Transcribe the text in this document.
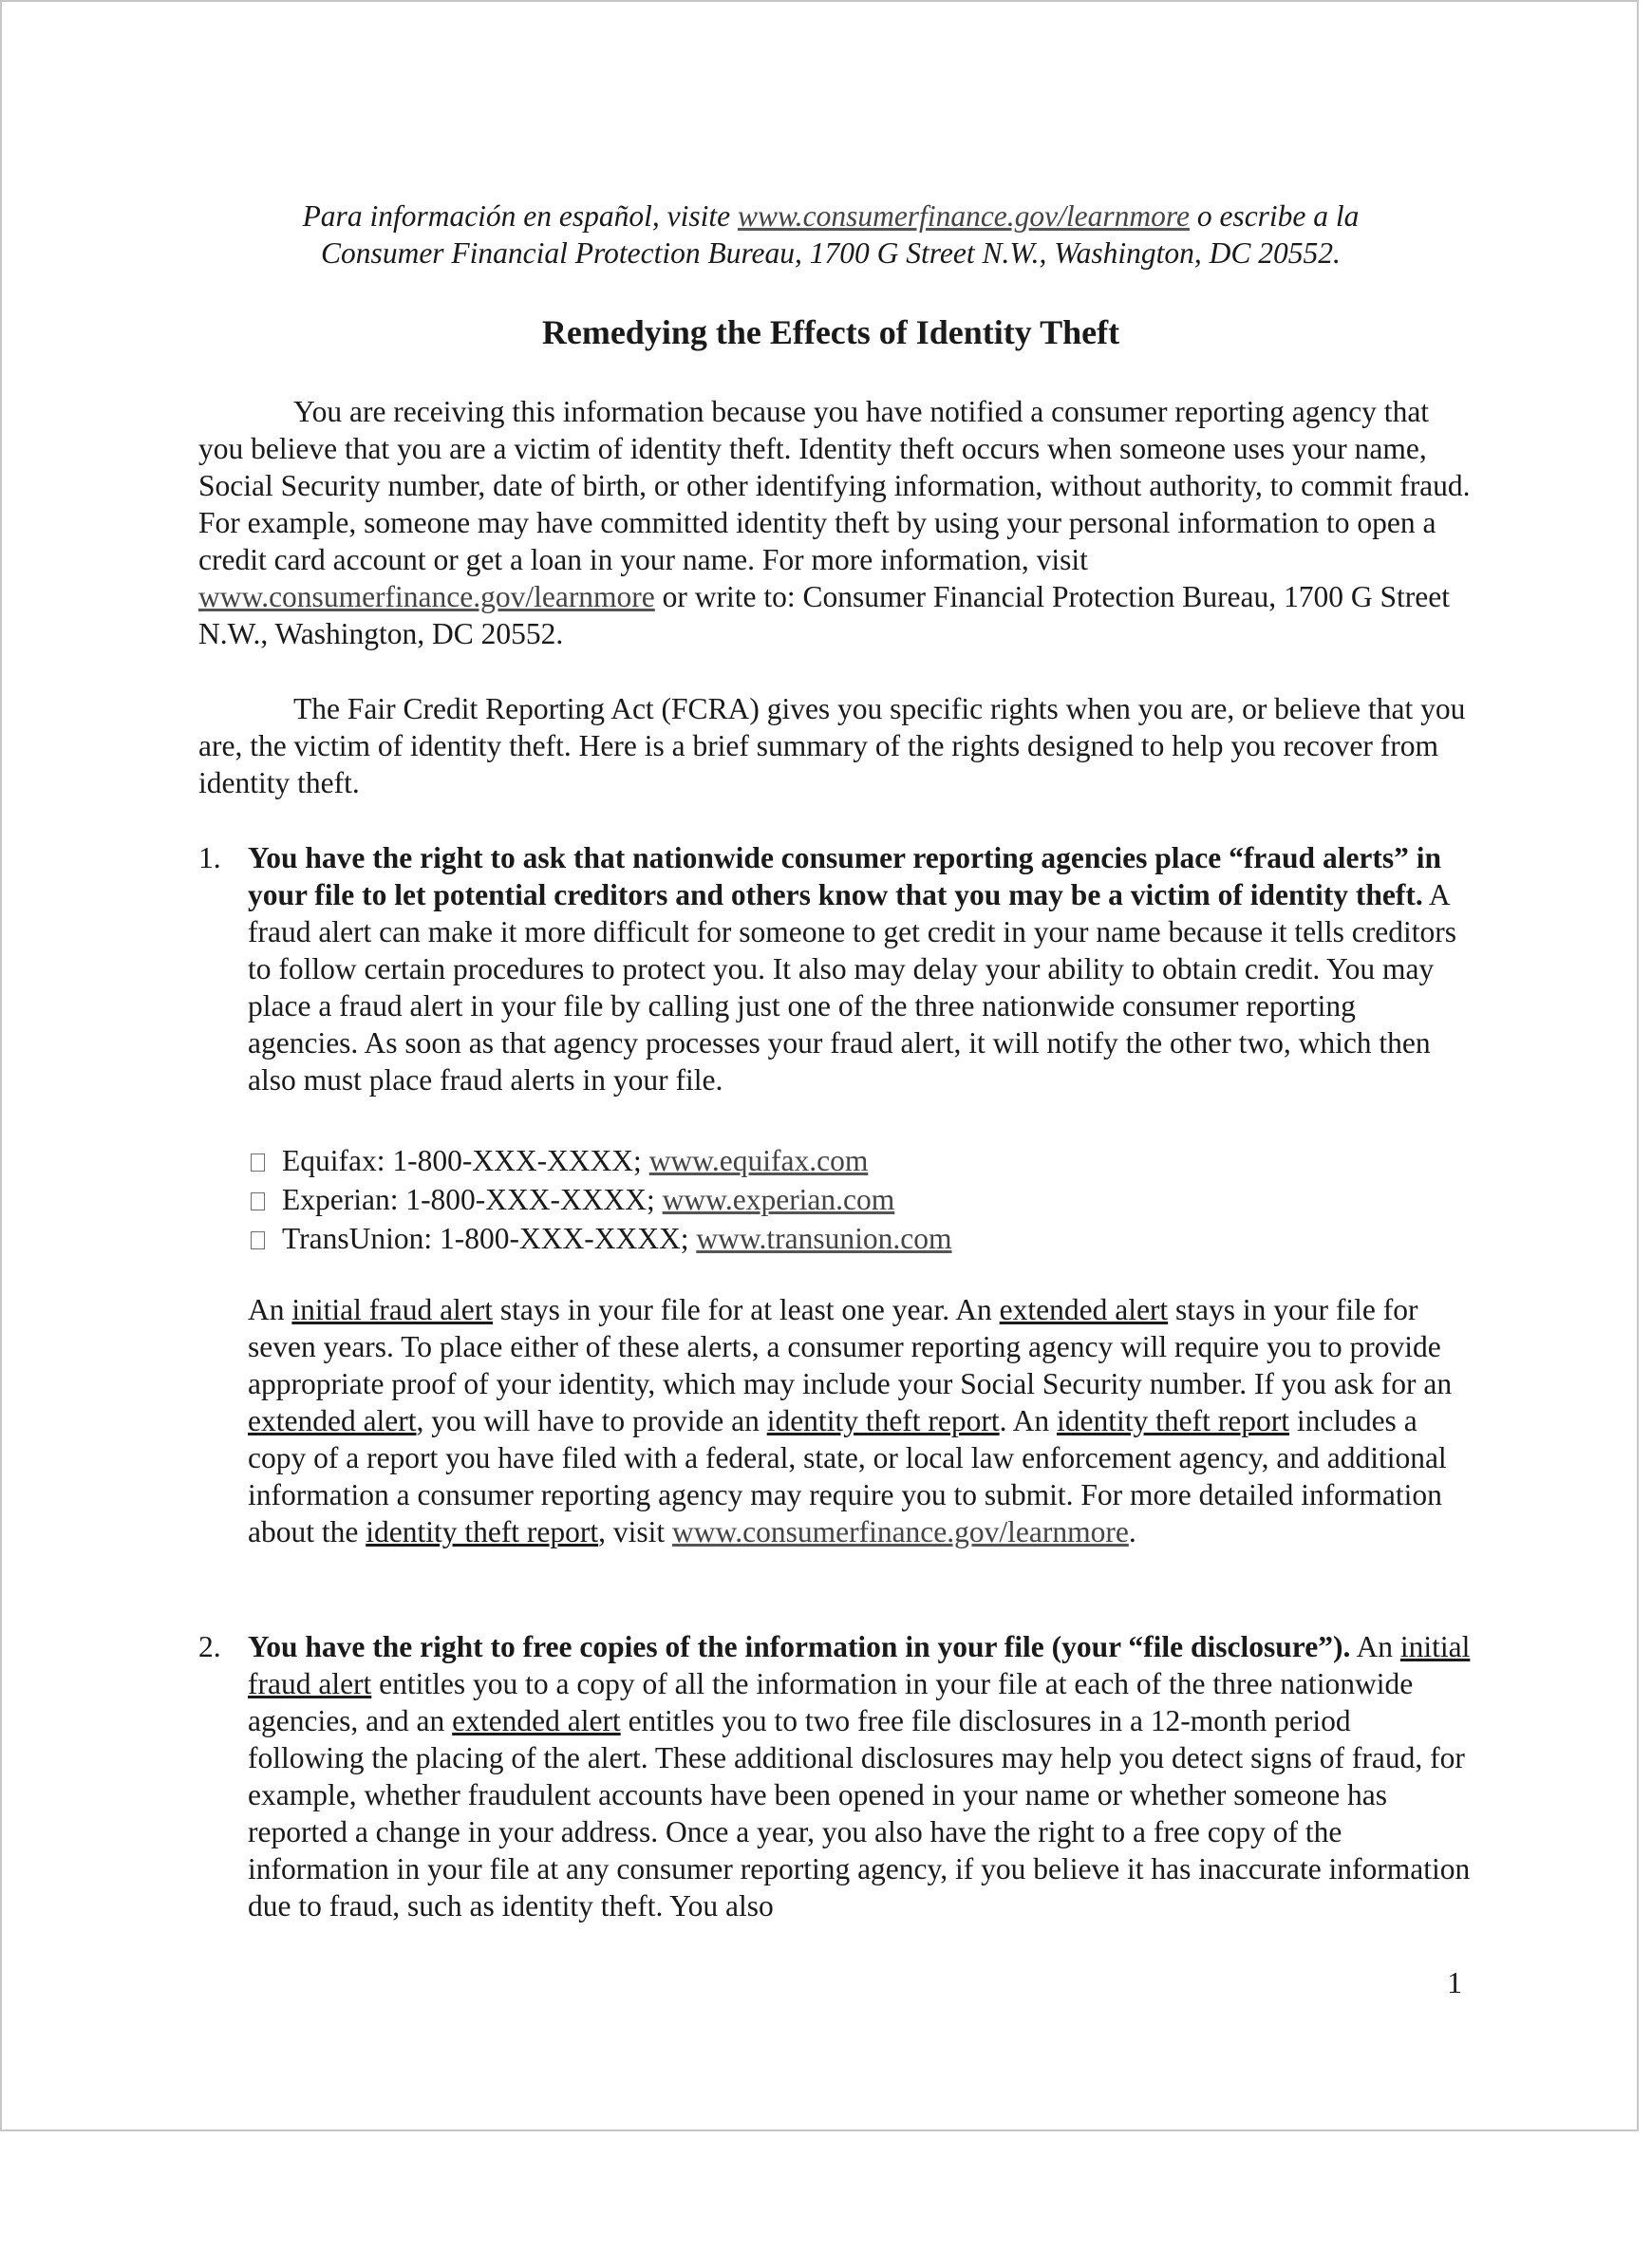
Para información en español, visite www.consumerfinance.gov/learnmore o escribe a la
Consumer Financial Protection Bureau, 1700 G Street N.W., Washington, DC 20552.
Remedying the Effects of Identity Theft
You are receiving this information because you have notified a consumer reporting agency that you believe that you are a victim of identity theft. Identity theft occurs when someone uses your name, Social Security number, date of birth, or other identifying information, without authority, to commit fraud. For example, someone may have committed identity theft by using your personal information to open a credit card account or get a loan in your name. For more information, visit www.consumerfinance.gov/learnmore or write to: Consumer Financial Protection Bureau, 1700 G Street N.W., Washington, DC 20552.
The Fair Credit Reporting Act (FCRA) gives you specific rights when you are, or believe that you are, the victim of identity theft. Here is a brief summary of the rights designed to help you recover from identity theft.
1. You have the right to ask that nationwide consumer reporting agencies place “fraud alerts” in your file to let potential creditors and others know that you may be a victim of identity theft. A fraud alert can make it more difficult for someone to get credit in your name because it tells creditors to follow certain procedures to protect you. It also may delay your ability to obtain credit. You may place a fraud alert in your file by calling just one of the three nationwide consumer reporting agencies. As soon as that agency processes your fraud alert, it will notify the other two, which then also must place fraud alerts in your file.
Equifax: 1-800-XXX-XXXX; www.equifax.com
Experian: 1-800-XXX-XXXX; www.experian.com
TransUnion: 1-800-XXX-XXXX; www.transunion.com
An initial fraud alert stays in your file for at least one year. An extended alert stays in your file for seven years. To place either of these alerts, a consumer reporting agency will require you to provide appropriate proof of your identity, which may include your Social Security number. If you ask for an extended alert, you will have to provide an identity theft report. An identity theft report includes a copy of a report you have filed with a federal, state, or local law enforcement agency, and additional information a consumer reporting agency may require you to submit. For more detailed information about the identity theft report, visit www.consumerfinance.gov/learnmore.
2. You have the right to free copies of the information in your file (your “file disclosure”). An initial fraud alert entitles you to a copy of all the information in your file at each of the three nationwide agencies, and an extended alert entitles you to two free file disclosures in a 12-month period following the placing of the alert. These additional disclosures may help you detect signs of fraud, for example, whether fraudulent accounts have been opened in your name or whether someone has reported a change in your address. Once a year, you also have the right to a free copy of the information in your file at any consumer reporting agency, if you believe it has inaccurate information due to fraud, such as identity theft. You also
1
